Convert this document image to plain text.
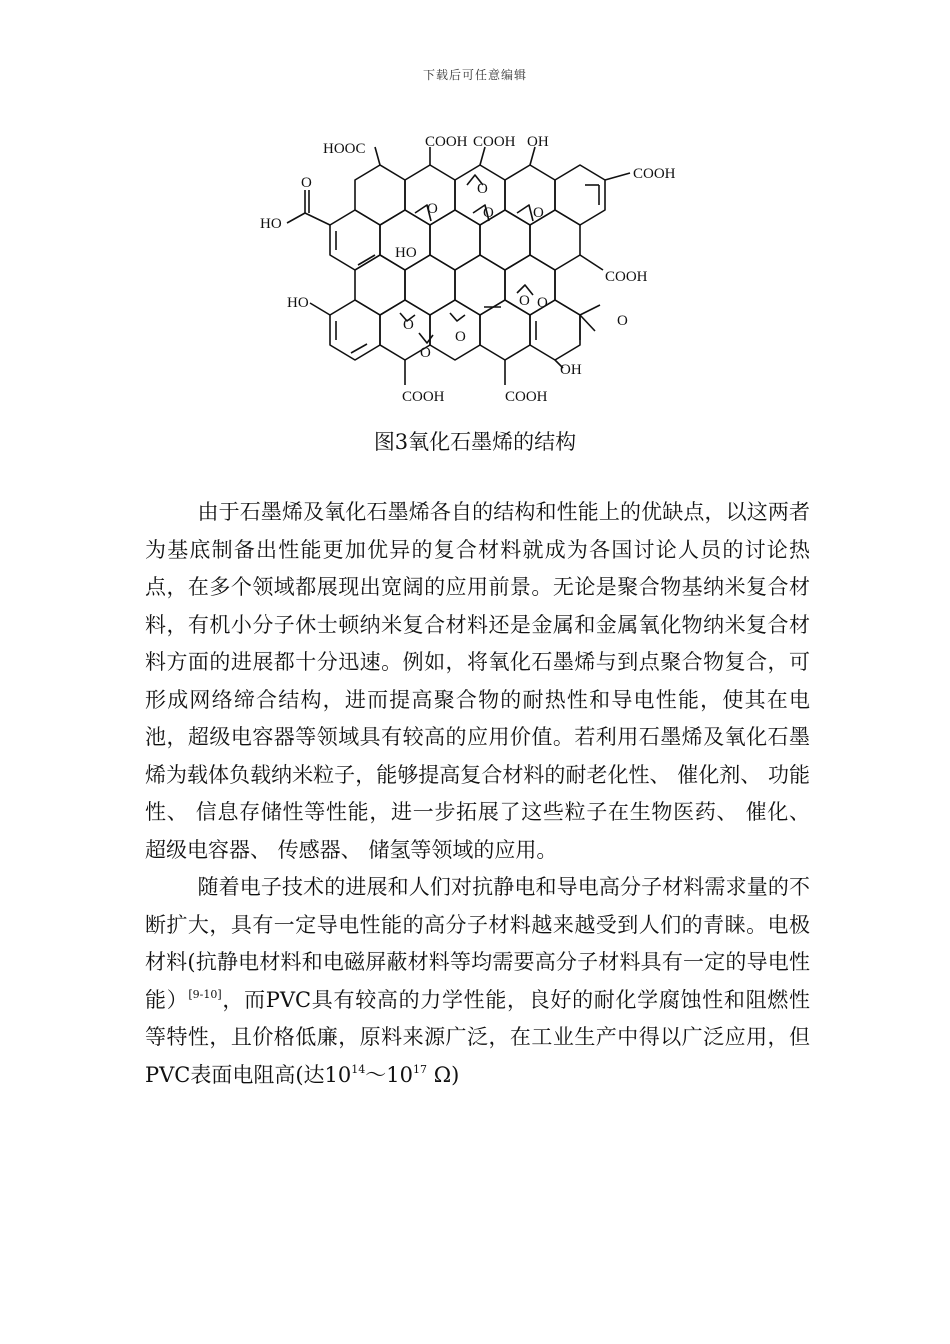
下载后可任意编辑
HOOC	COOH COOH OH
COOH
HO
O
HO
COOH
HO
O
OH
COOH	COOH
O
O
O	O
O
O
O
O O
图3氧化石墨烯的结构

由于石墨烯及氧化石墨烯各自的结构和性能上的优缺点，以这两者为基底制备出性能更加优异的复合材料就成为各国讨论人员的讨论热点，在多个领域都展现出宽阔的应用前景。无论是聚合物基纳米复合材料，有机小分子休士顿纳米复合材料还是金属和金属氧化物纳米复合材料方面的进展都十分迅速。例如，将氧化石墨烯与到点聚合物复合，可形成网络缔合结构，进而提高聚合物的耐热性和导电性能，使其在电池，超级电容器等领域具有较高的应用价值。若利用石墨烯及氧化石墨烯为载体负载纳米粒子，能够提高复合材料的耐老化性、 催化剂、 功能性、 信息存储性等性能，进一步拓展了这些粒子在生物医药、 催化、 超级电容器、 传感器、 储氢等领域的应用。

随着电子技术的进展和人们对抗静电和导电高分子材料需求量的不断扩大，具有一定导电性能的高分子材料越来越受到人们的青睐。电极材料(抗静电材料和电磁屏蔽材料等均需要高分子材料具有一定的导电性能）[9-10]，而PVC具有较高的力学性能，良好的耐化学腐蚀性和阻燃性等特性，且价格低廉，原料来源广泛，在工业生产中得以广泛应用，但PVC表面电阻高(达$10^{14}\sim 10^{17}$ Ω)
